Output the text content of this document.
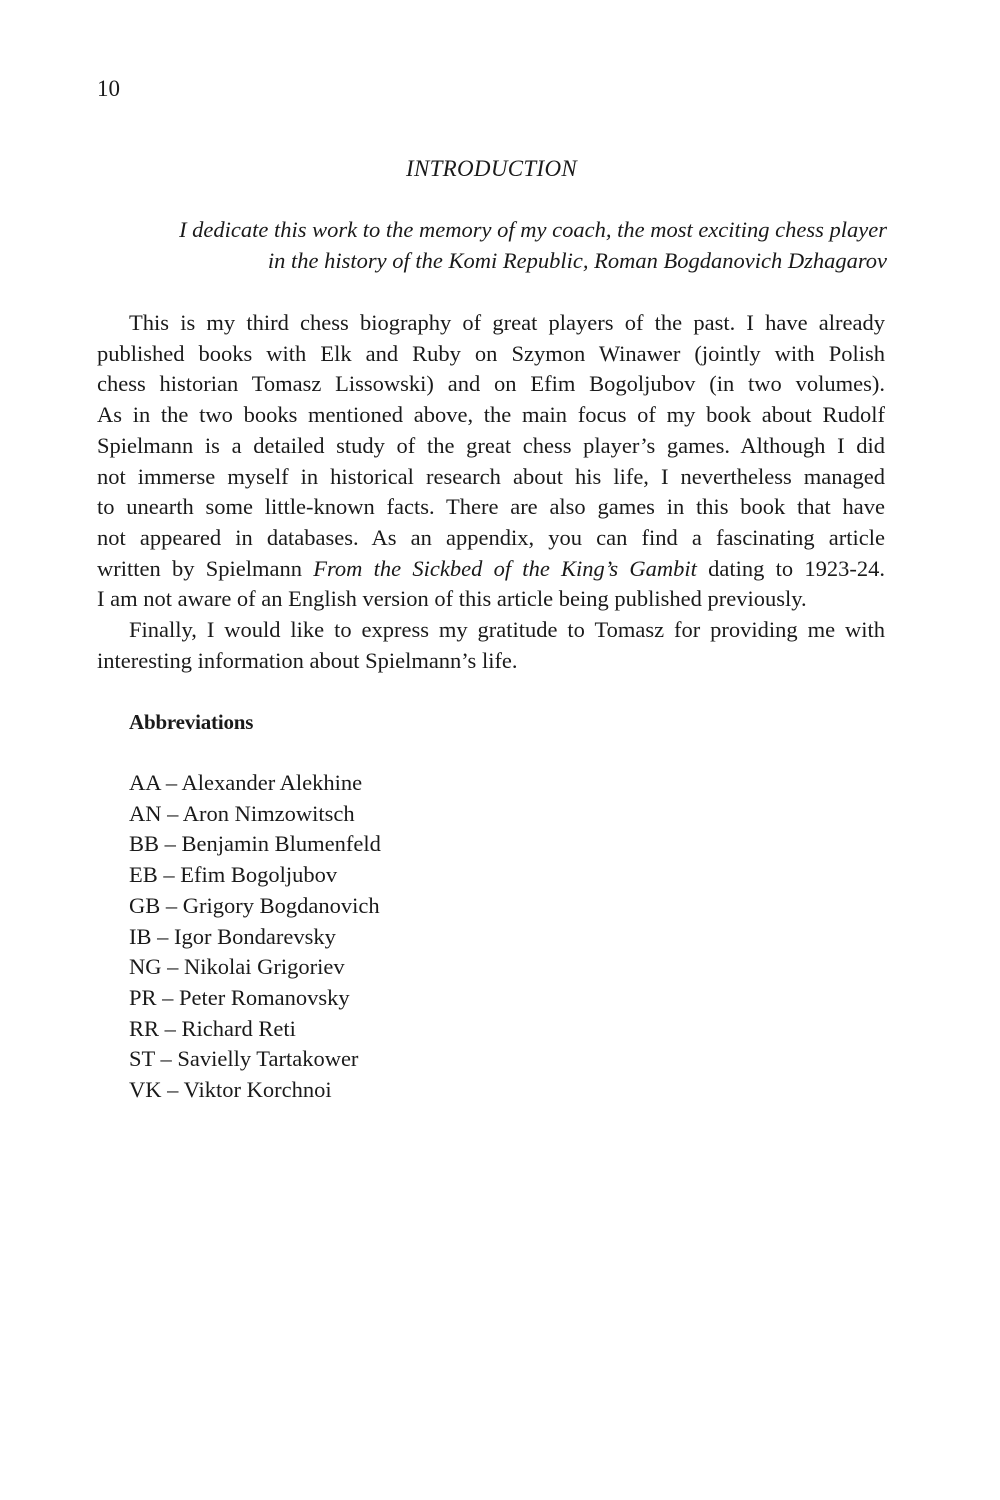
10
INTRODUCTION
I dedicate this work to the memory of my coach, the most exciting chess player
in the history of the Komi Republic, Roman Bogdanovich Dzhagarov
This is my third chess biography of great players of the past. I have already
published books with Elk and Ruby on Szymon Winawer (jointly with Polish
chess historian Tomasz Lissowski) and on Efim Bogoljubov (in two volumes).
As in the two books mentioned above, the main focus of my book about Rudolf
Spielmann is a detailed study of the great chess player’s games. Although I did
not immerse myself in historical research about his life, I nevertheless managed
to unearth some little-known facts. There are also games in this book that have
not appeared in databases. As an appendix, you can find a fascinating article
written by Spielmann From the Sickbed of the King’s Gambit dating to 1923-24.
I am not aware of an English version of this article being published previously.
Finally, I would like to express my gratitude to Tomasz for providing me with
interesting information about Spielmann’s life.
Abbreviations
AA – Alexander Alekhine
AN – Aron Nimzowitsch
BB – Benjamin Blumenfeld
EB – Efim Bogoljubov
GB – Grigory Bogdanovich
IB – Igor Bondarevsky
NG – Nikolai Grigoriev
PR – Peter Romanovsky
RR – Richard Reti
ST – Savielly Tartakower
VK – Viktor Korchnoi
